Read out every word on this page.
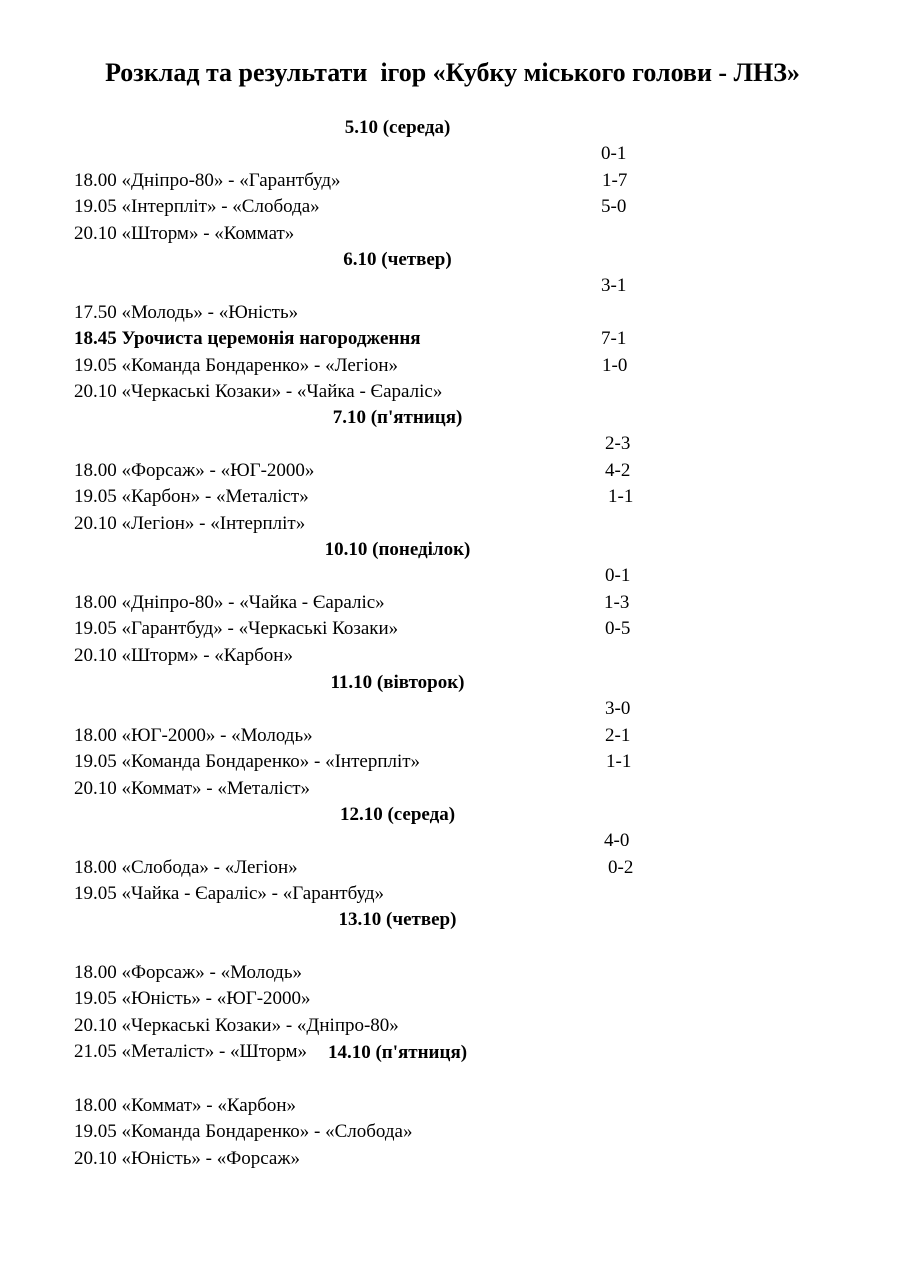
Розклад та результати  ігор «Кубку міського голови - ЛНЗ»
5.10 (середа)

18.00 «Дніпро-80» - «Гарантбуд»

0-1

19.05 «Інтерпліт» - «Слобода»

1-7

20.10 «Шторм» - «Коммат»

5-0

6.10 (четвер)

17.50 «Молодь» - «Юність»

3-1

18.45 Урочиста церемонія нагородження

19.05 «Команда Бондаренко» - «Легіон»

7-1

20.10 «Черкаські Козаки» - «Чайка - Єараліс»

1-0

7.10 (п'ятниця)

18.00 «Форсаж» - «ЮГ-2000»

2-3

19.05 «Карбон» - «Металіст»

4-2

20.10 «Легіон» - «Інтерпліт»

1-1

10.10 (понеділок)

18.00 «Дніпро-80» - «Чайка - Єараліс»

0-1

19.05 «Гарантбуд» - «Черкаські Козаки»

1-3

20.10 «Шторм» - «Карбон»

0-5

11.10 (вівторок)

18.00 «ЮГ-2000» - «Молодь»

3-0

19.05 «Команда Бондаренко» - «Інтерпліт»

2-1

20.10 «Коммат» - «Металіст»

1-1

12.10 (середа)

18.00 «Слобода» - «Легіон»

4-0

19.05 «Чайка - Єараліс» - «Гарантбуд»

0-2

13.10 (четвер)

18.00 «Форсаж» - «Молодь»

19.05 «Юність» - «ЮГ-2000»

20.10 «Черкаські Козаки» - «Дніпро-80»

21.05 «Металіст» - «Шторм»
	14.10 (п'ятниця)

18.00 «Коммат» - «Карбон»

19.05 «Команда Бондаренко» - «Слобода»

20.10 «Юність» - «Форсаж»
